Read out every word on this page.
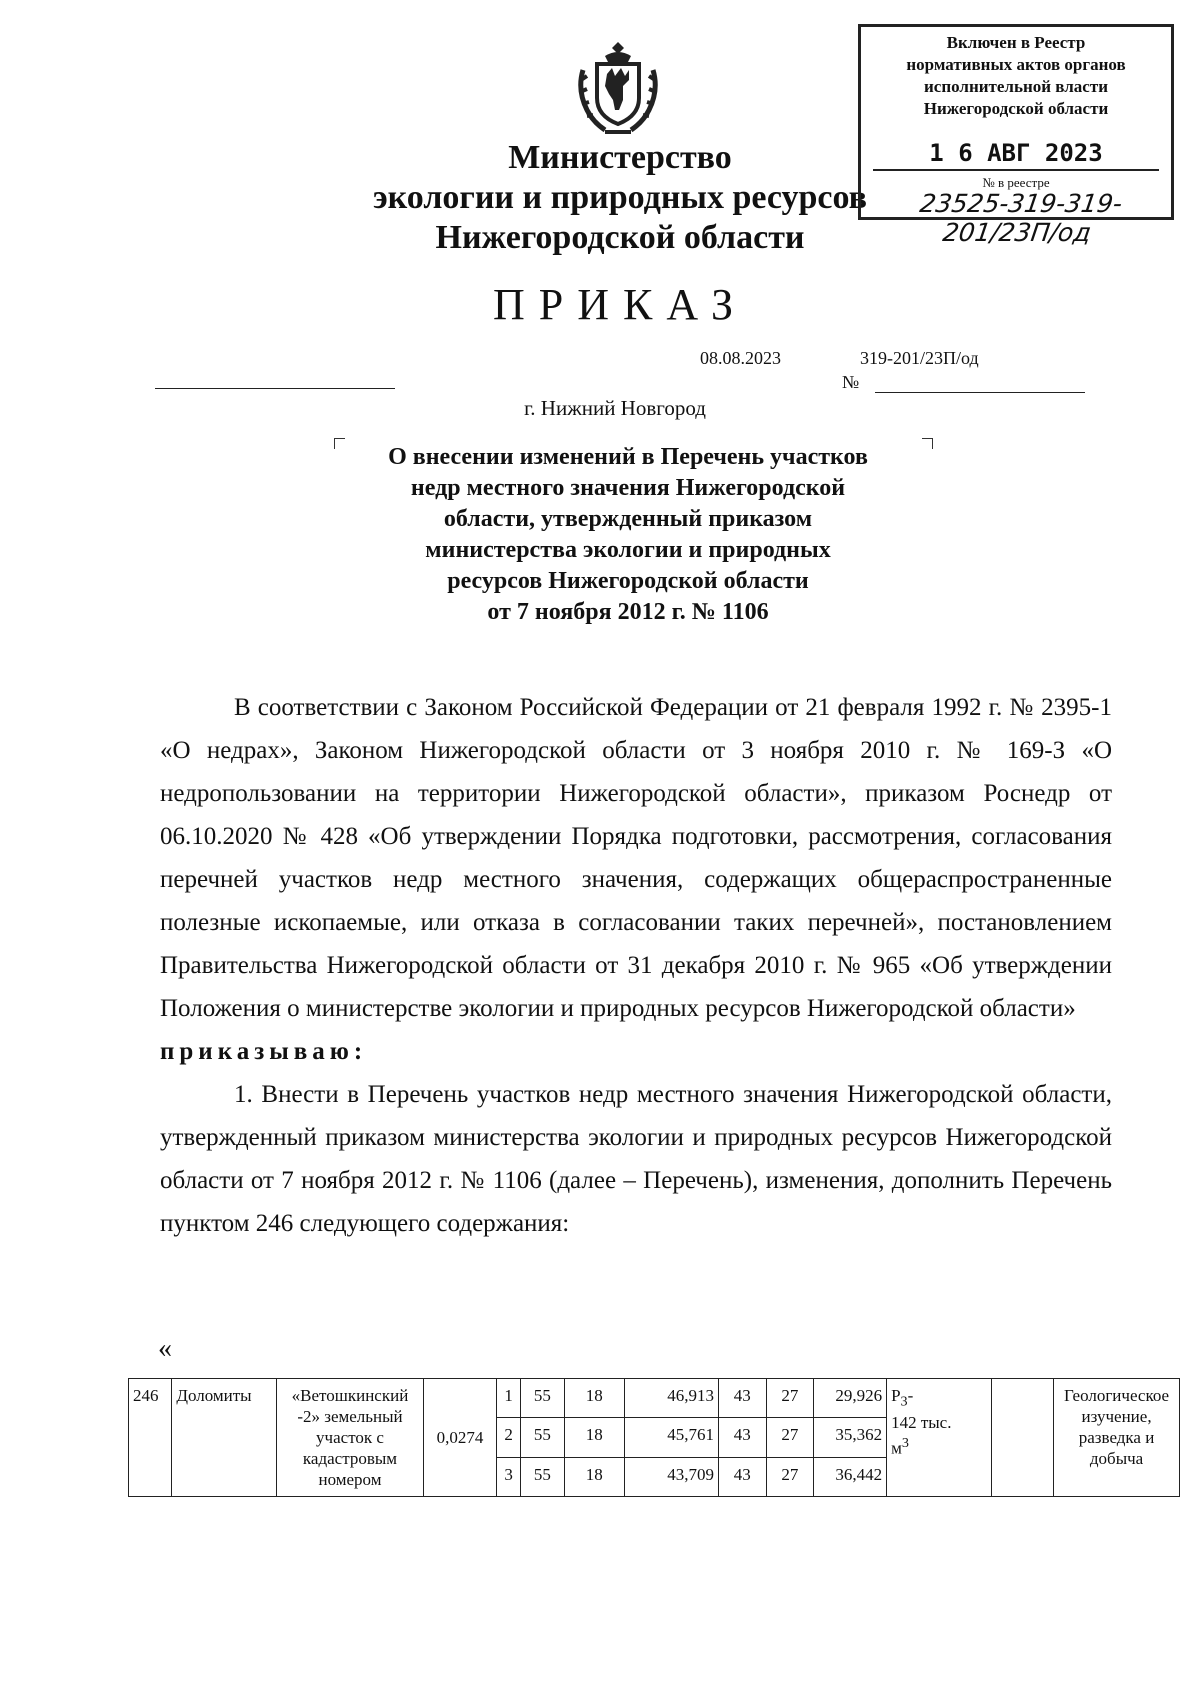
Министерство
экологии и природных ресурсов
Нижегородской области
Включен в Реестр
нормативных актов органов
исполнительной власти
Нижегородской области
1 6 АВГ 2023
№ в реестре
23525-319-319-201/23П/од
ПРИКАЗ
08.08.2023	319-201/23П/од
№
г. Нижний Новгород
О внесении изменений в Перечень участков
недр местного значения Нижегородской
области, утвержденный приказом
министерства экологии и природных
ресурсов Нижегородской области
от 7 ноября 2012 г. № 1106

В соответствии с Законом Российской Федерации от 21 февраля 1992 г. № 2395-1 «О недрах», Законом Нижегородской области от 3 ноября 2010 г. № 169-З «О недропользовании на территории Нижегородской области», приказом Роснедр от 06.10.2020 № 428 «Об утверждении Порядка подготовки, рассмотрения, согласования перечней участков недр местного значения, содержащих общераспространенные полезные ископаемые, или отказа в согласовании таких перечней», постановлением Правительства Нижегородской области от 31 декабря 2010 г. № 965 «Об утверждении Положения о министерстве экологии и природных ресурсов Нижегородской области»

приказываю:

1. Внести в Перечень участков недр местного значения Нижегородской области, утвержденный приказом министерства экологии и природных ресурсов Нижегородской области от 7 ноября 2012 г. № 1106 (далее – Перечень), изменения, дополнить Перечень пунктом 246 следующего содержания:

«
246	Доломиты	«Ветошкинский -2» земельный участок с кадастровым номером	0,0274	1	55	18	46,913	43	27	29,926	$P_3-$
142 тыс.
$м^3$		Геологическое изучение, разведка и добыча
				2	55	18	45,761	43	27	35,362			
				3	55	18	43,709	43	27	36,442			
